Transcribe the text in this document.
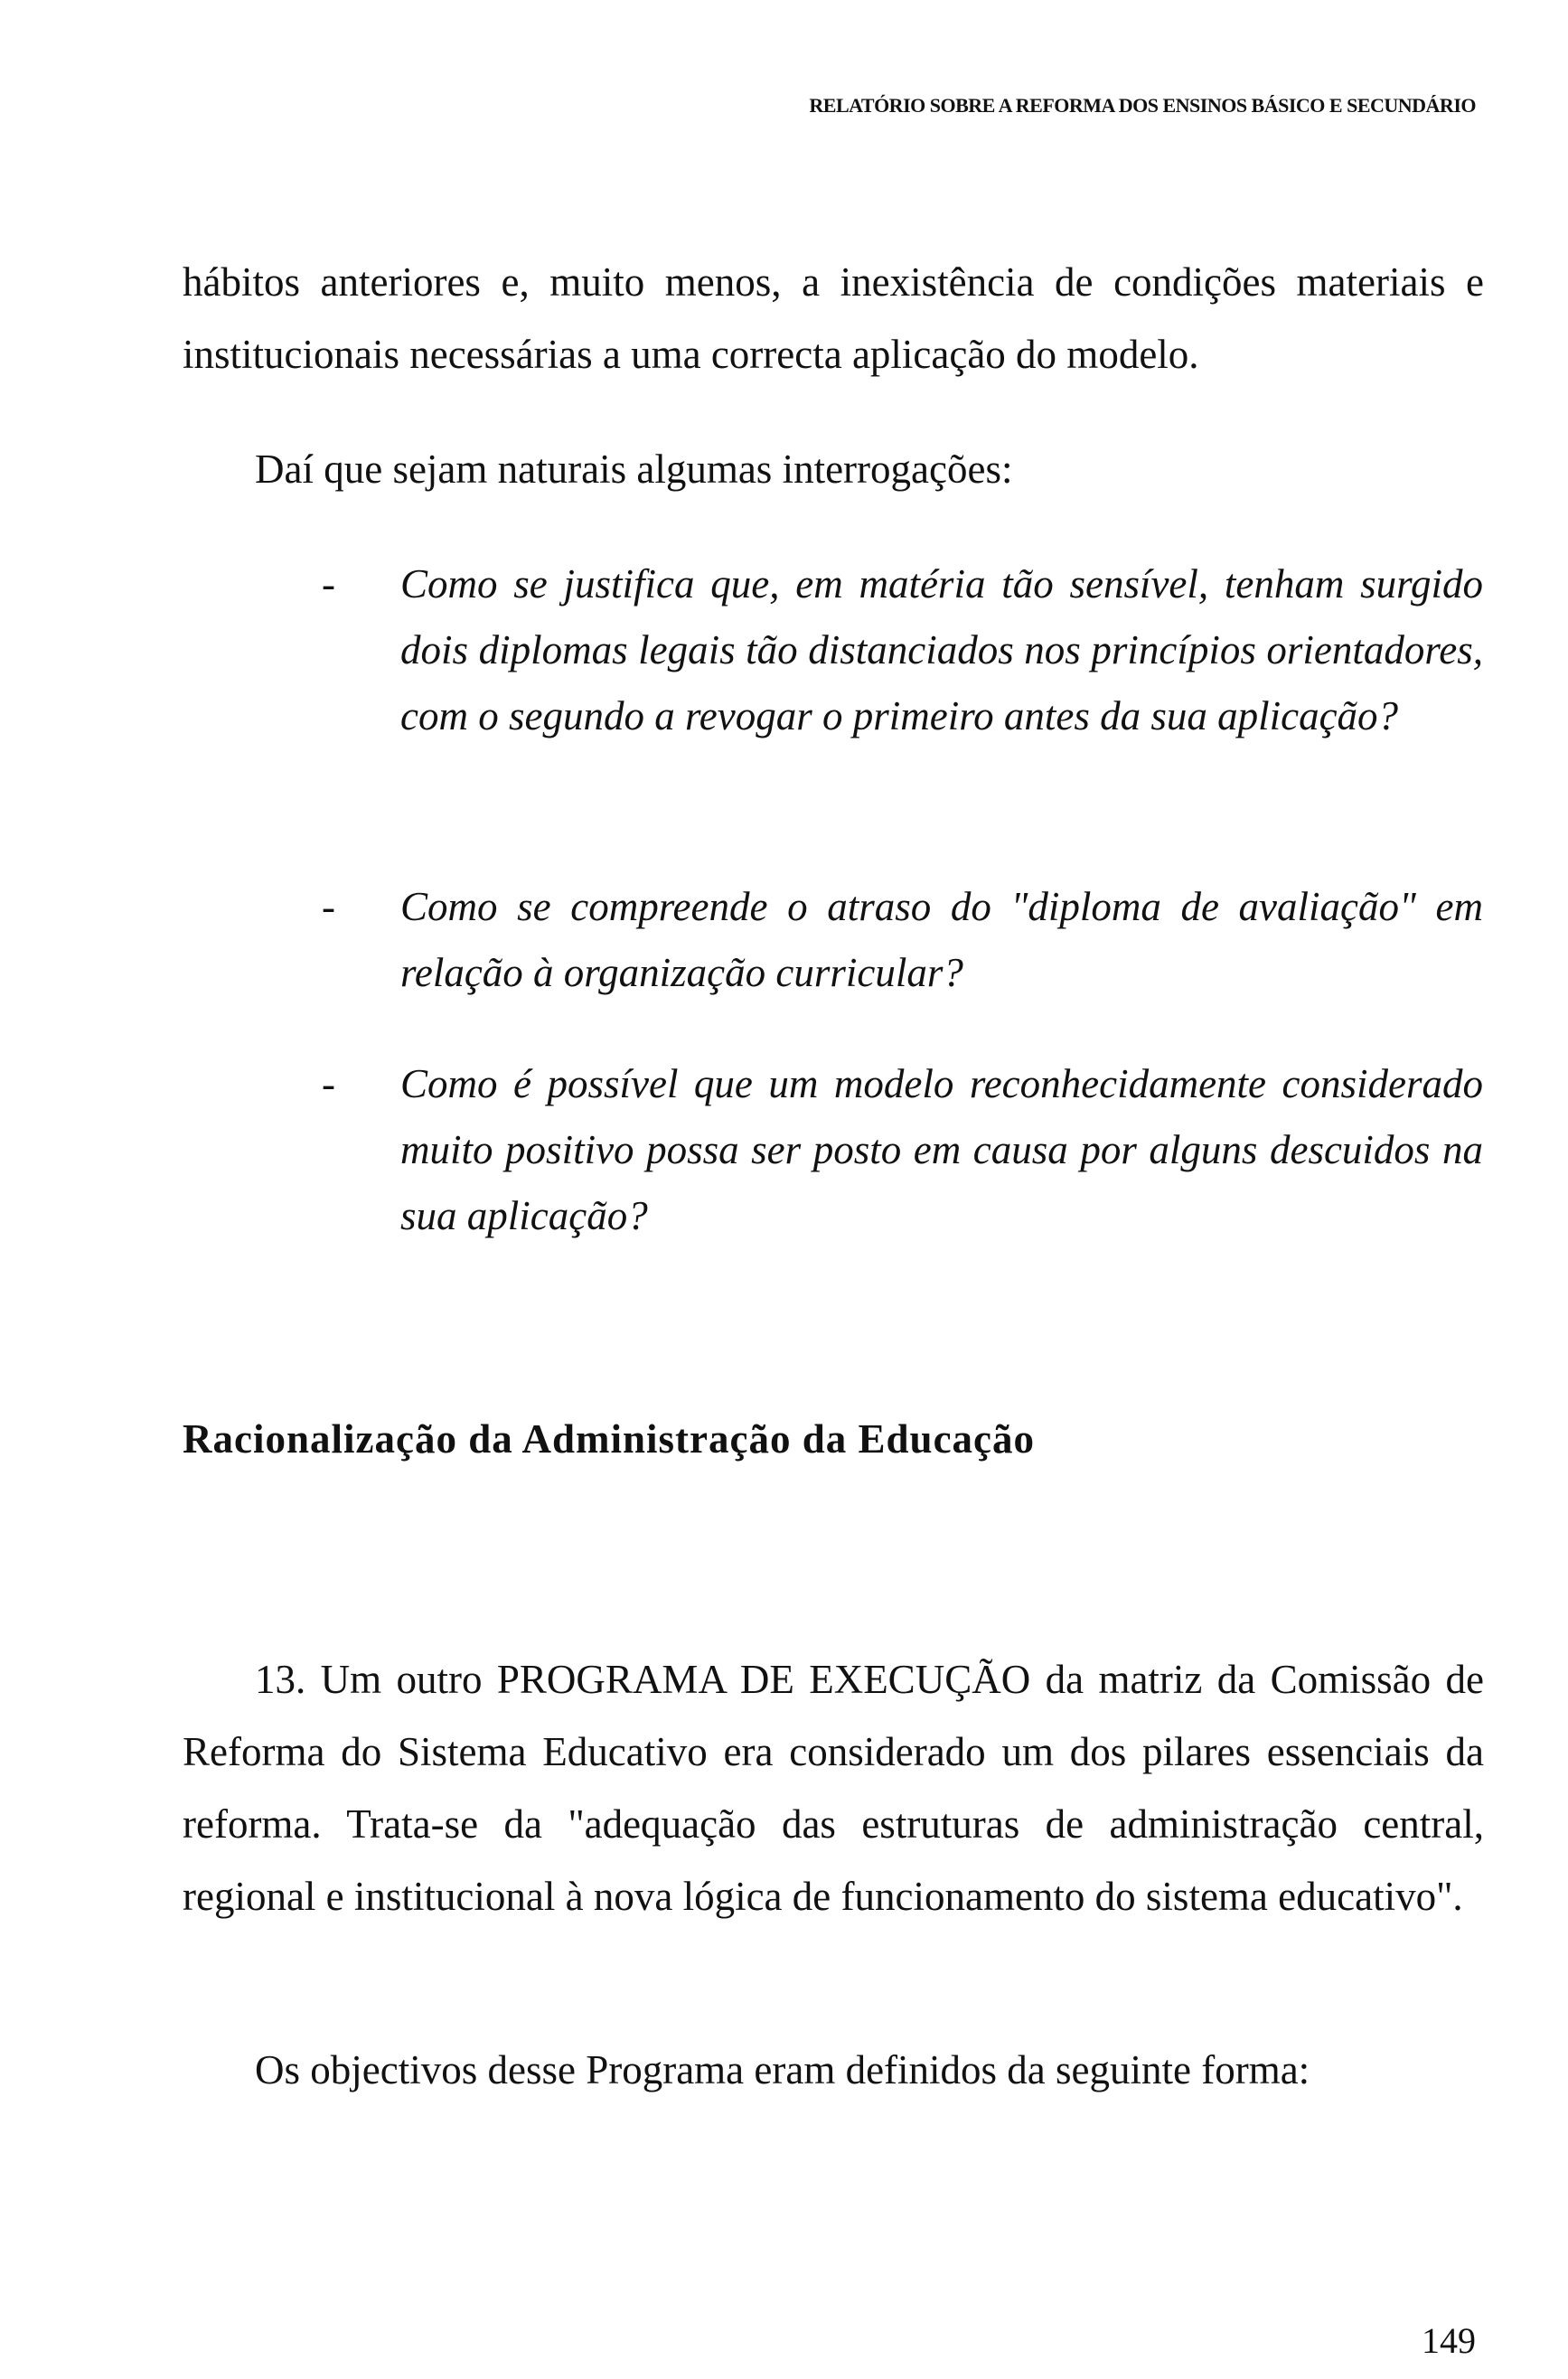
RELATÓRIO SOBRE A REFORMA DOS ENSINOS BÁSICO E SECUNDÁRIO

hábitos anteriores e, muito menos, a inexistência de condições materiais e institucionais necessárias a uma correcta aplicação do modelo.

Daí que sejam naturais algumas interrogações:

- Como se justifica que, em matéria tão sensível, tenham surgido dois diplomas legais tão distanciados nos princípios orientadores, com o segundo a revogar o primeiro antes da sua aplicação?

- Como se compreende o atraso do "diploma de avaliação" em relação à organização curricular?

- Como é possível que um modelo reconhecidamente considerado muito positivo possa ser posto em causa por alguns descuidos na sua aplicação?

Racionalização da Administração da Educação

13. Um outro PROGRAMA DE EXECUÇÃO da matriz da Comissão de Reforma do Sistema Educativo era considerado um dos pilares essenciais da reforma. Trata-se da "adequação das estruturas de administração central, regional e institucional à nova lógica de funcionamento do sistema educativo".

Os objectivos desse Programa eram definidos da seguinte forma:

149
